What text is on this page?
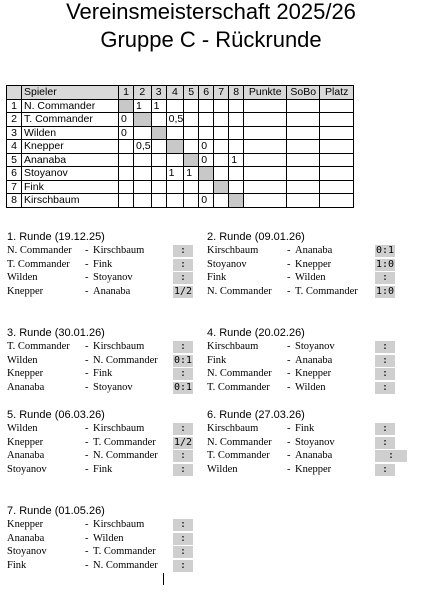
Vereinsmeisterschaft 2025/26
Gruppe C - Rückrunde
	Spieler	1	2	3	4	5	6	7	8	Punkte	SoBo	Platz
1	N. Commander		1	1								
2	T. Commander	0			0,5							
3	Wilden	0										
4	Knepper		0,5				0					
5	Ananaba						0		1			
6	Stoyanov				1	1						
7	Fink											
8	Kirschbaum						0					
1. Runde (19.12.25)
N. Commander - Kirschbaum	:
T. Commander - Fink	:
Wilden	- Stoyanov	:
Knepper	- Ananaba	1/2
2. Runde (09.01.26)
Kirschbaum	- Ananaba	0:1
Stoyanov	- Knepper	1:0
Fink	- Wilden	:
N. Commander - T. Commander 1:0
3. Runde (30.01.26)
T. Commander - Kirschbaum	:
Wilden	- N. Commander 0:1
Knepper	- Fink	:
Ananaba	- Stoyanov	0:1
4. Runde (20.02.26)
Kirschbaum	- Stoyanov	:
Fink	- Ananaba	:
N. Commander - Knepper	:
T. Commander - Wilden	:
5. Runde (06.03.26)
Wilden	- Kirschbaum	:
Knepper	- T. Commander 1/2
Ananaba	- N. Commander	:
Stoyanov	- Fink	:
6. Runde (27.03.26)
Kirschbaum	- Fink	:
N. Commander - Stoyanov	:
T. Commander - Ananaba	:
Wilden	- Knepper	:
7. Runde (01.05.26)
Knepper	- Kirschbaum	:
Ananaba	- Wilden	:
Stoyanov	- T. Commander	:
Fink	- N. Commander	:
